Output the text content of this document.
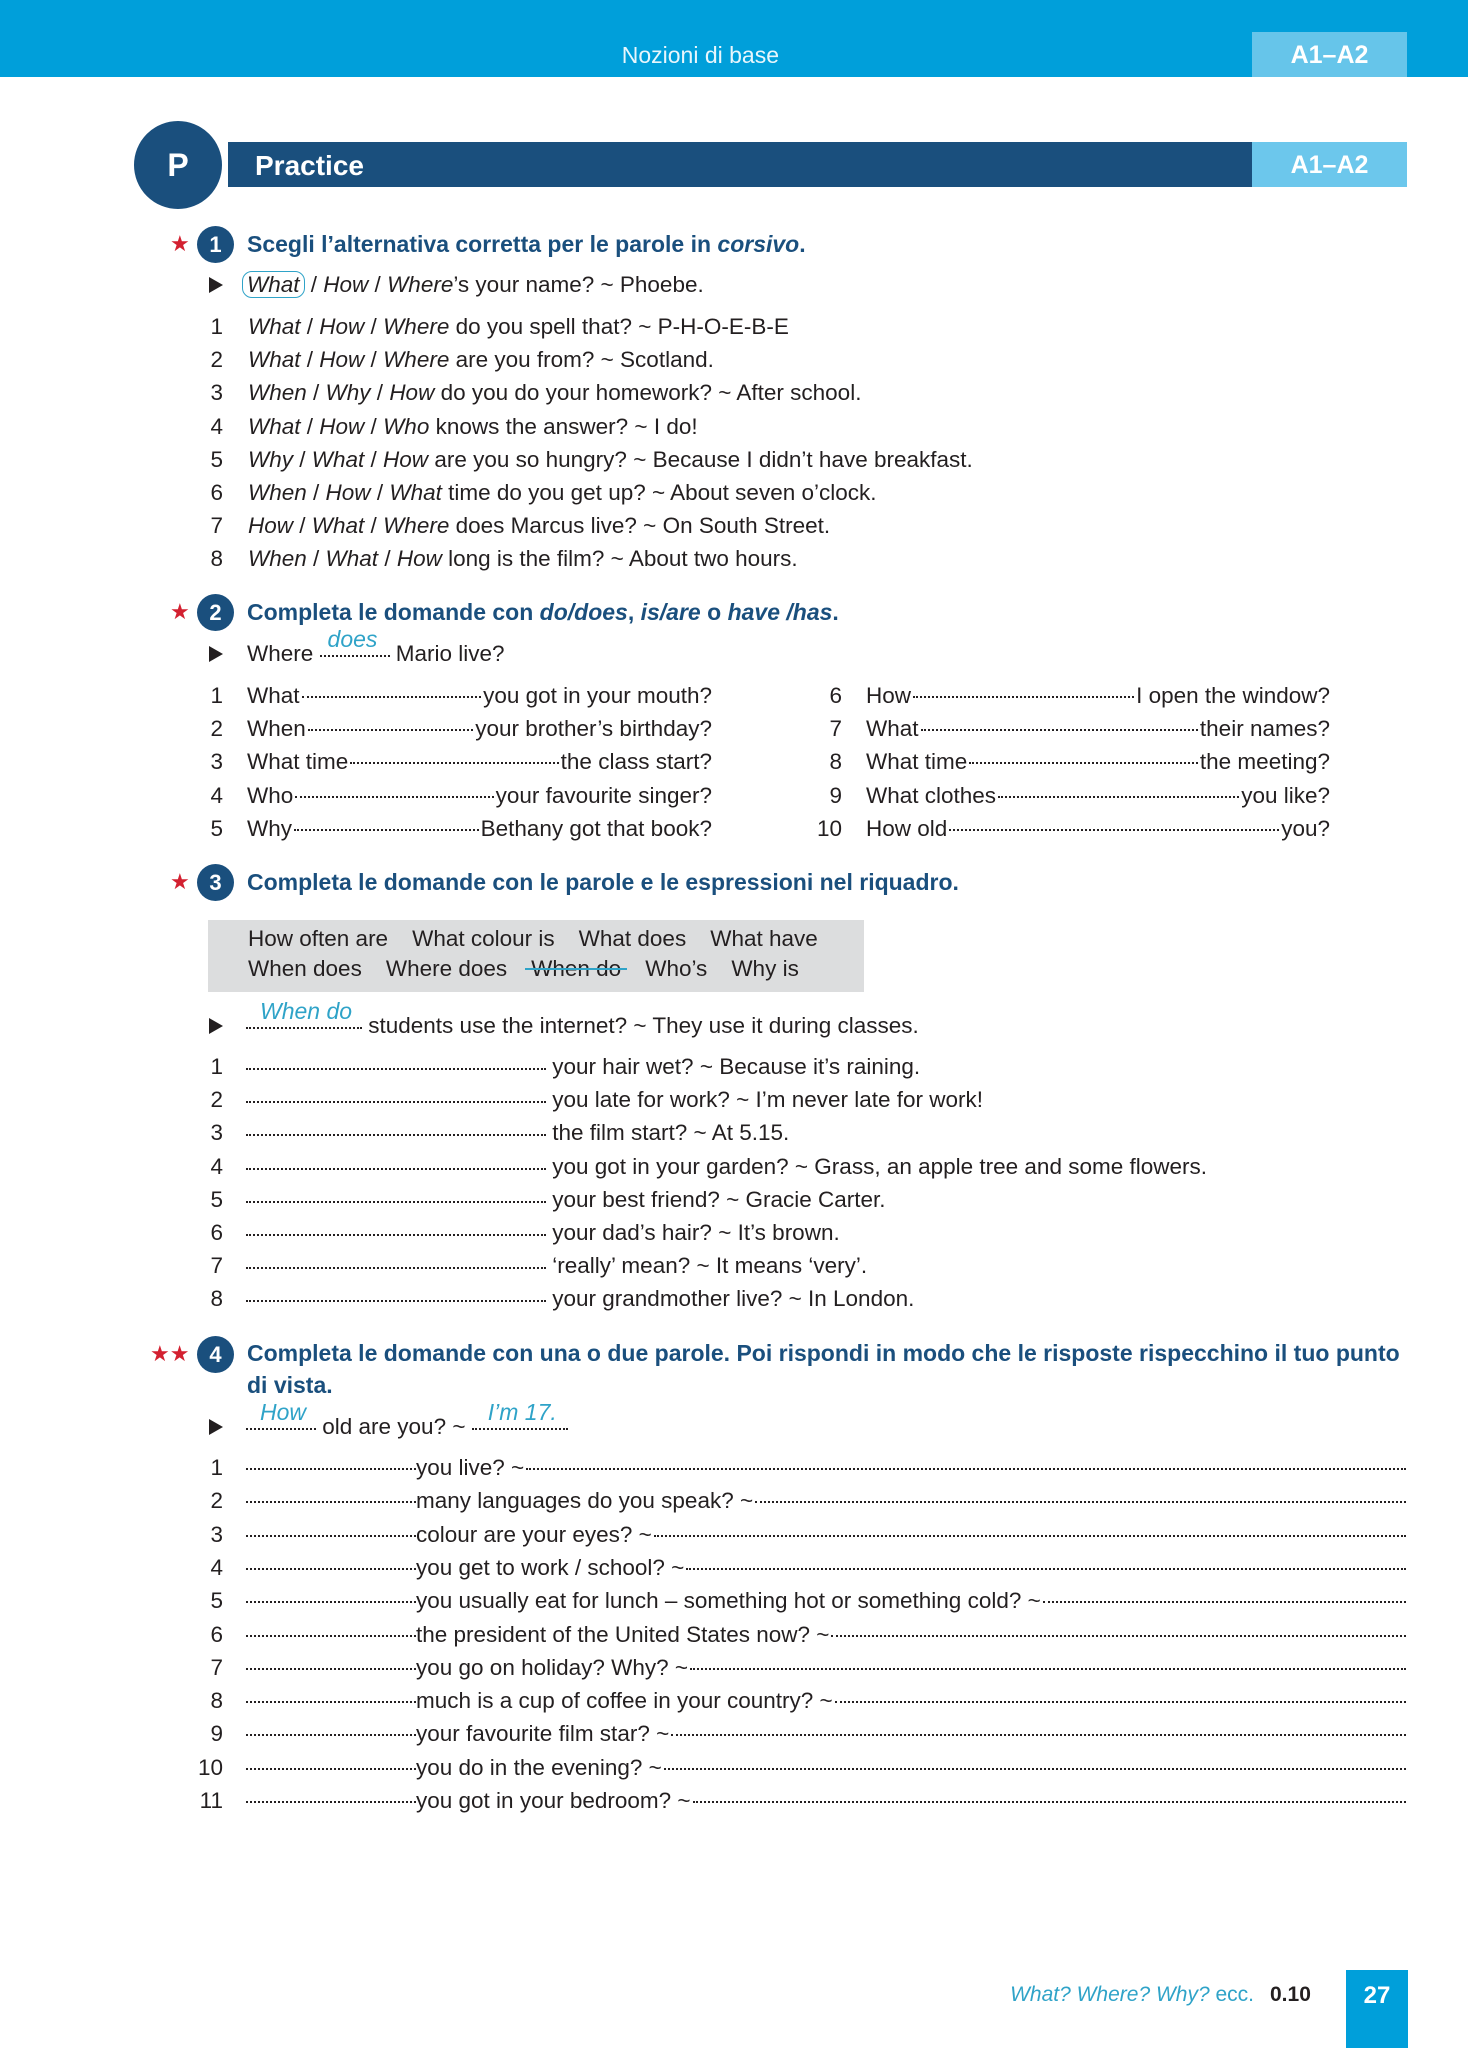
Nozioni di base	A1–A2
P	Practice	A1–A2
★ 1	Scegli l’alternativa corretta per le parole in corsivo.
What / How / Where’s your name? ~ Phoebe.
1 What / How / Where do you spell that? ~ P-H-O-E-B-E
2 What / How / Where are you from? ~ Scotland.
3 When / Why / How do you do your homework? ~ After school.
4 What / How / Who knows the answer? ~ I do!
5 Why / What / How are you so hungry? ~ Because I didn’t have breakfast.
6 When / How / What time do you get up? ~ About seven o’clock.
7 How / What / Where does Marcus live? ~ On South Street.
8 When / What / How long is the film? ~ About two hours.
★ 2	Completa le domande con do/does, is/are o have /has.
Where
does
Mario live?
1 What	you got in your mouth?
2 When	your brother’s birthday?
3 What time	the class start?
4 Who	your favourite singer?
5 Why	Bethany got that book?
6 How	I open the window?
7 What	their names?
8 What time	the meeting?
9 What clothes	you like?
10 How old	you?
★ 3	Completa le domande con le parole e le espressioni nel riquadro.
How often are What colour is What does What have
When does Where does When do Who’s Why is
When do
students use the internet? ~ They use it during classes.
1	your hair wet? ~ Because it’s raining.
2	you late for work? ~ I’m never late for work!
3	the film start? ~ At 5.15.
4	you got in your garden? ~ Grass, an apple tree and some flowers.
5	your best friend? ~ Gracie Carter.
6	your dad’s hair? ~ It’s brown.
7	‘really’ mean? ~ It means ‘very’.
8	your grandmother live? ~ In London.
★★ 4	Completa le domande con una o due parole. Poi rispondi in modo che le risposte rispecchino il tuo punto
di vista.
How
old are you? ~
I’m 17.
1	you live? ~
2	many languages do you speak? ~
3	colour are your eyes? ~
4	you get to work / school? ~
5	you usually eat for lunch – something hot or something cold? ~
6	the president of the United States now? ~
7	you go on holiday? Why? ~
8	much is a cup of coffee in your country? ~
9	your favourite film star? ~
10	you do in the evening? ~
11	you got in your bedroom? ~
What? Where? Why? ecc. 0.10	27
